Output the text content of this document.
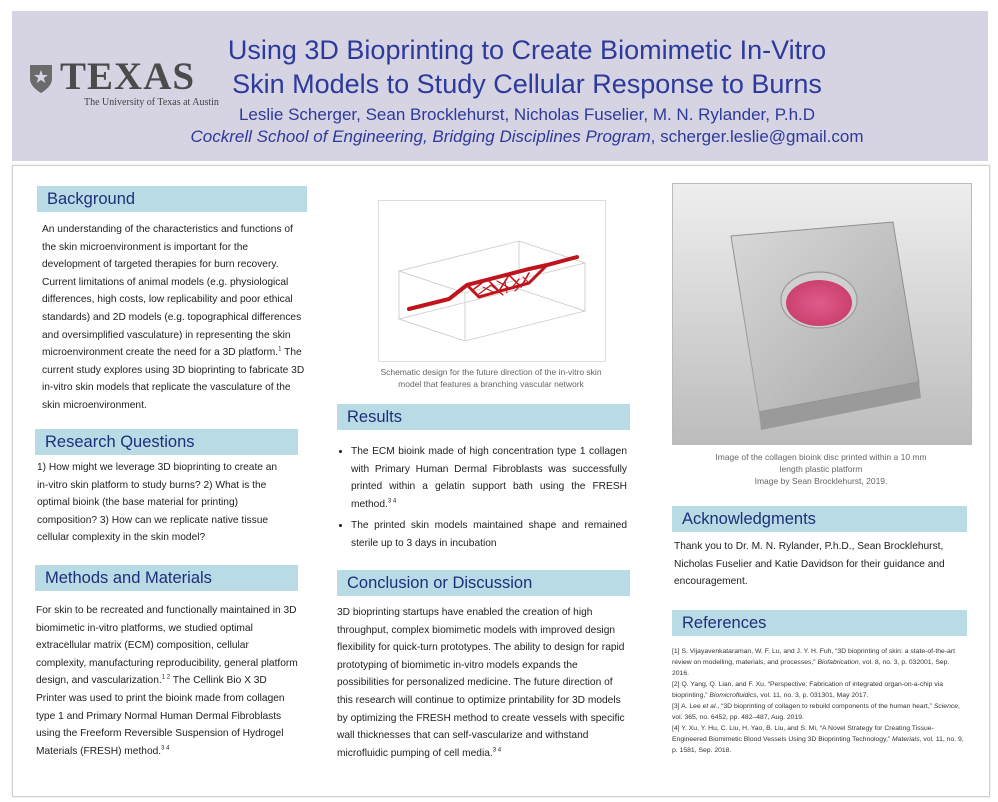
TEXAS
The University of Texas at Austin
Using 3D Bioprinting to Create Biomimetic In-Vitro
Skin Models to Study Cellular Response to Burns
Leslie Scherger, Sean Brocklehurst, Nicholas Fuselier, M. N. Rylander, P.h.D
Cockrell School of Engineering, Bridging Disciplines Program, scherger.leslie@gmail.com
Background
An understanding of the characteristics and functions of the skin microenvironment is important for the development of targeted therapies for burn recovery. Current limitations of animal models (e.g. physiological differences, high costs, low replicability and poor ethical standards) and 2D models (e.g. topographical differences and oversimplified vasculature) in representing the skin microenvironment create the need for a 3D platform.$^1$ The current study explores using 3D bioprinting to fabricate 3D in-vitro skin models that replicate the vasculature of the skin microenvironment.
Research Questions
1) How might we leverage 3D bioprinting to create an in-vitro skin platform to study burns? 2) What is the optimal bioink (the base material for printing) composition? 3) How can we replicate native tissue cellular complexity in the skin model?
Methods and Materials
For skin to be recreated and functionally maintained in 3D biomimetic in-vitro platforms, we studied optimal extracellular matrix (ECM) composition, cellular complexity, manufacturing reproducibility, general platform design, and vascularization.$^1$ $^2$ The Cellink Bio X 3D Printer was used to print the bioink made from collagen type 1 and Primary Normal Human Dermal Fibroblasts using the Freeform Reversible Suspension of Hydrogel Materials (FRESH) method.$^3$ $^4$
Schematic design for the future direction of the in-vitro skin model that features a branching vascular network
Results
• The ECM bioink made of high concentration type 1 collagen with Primary Human Dermal Fibroblasts was successfully printed within a gelatin support bath using the FRESH method.$^{3 4}$
• The printed skin models maintained shape and remained sterile up to 3 days in incubation
Conclusion or Discussion
3D bioprinting startups have enabled the creation of high throughput, complex biomimetic models with improved design flexibility for quick-turn prototypes. The ability to design for rapid prototyping of biomimetic in-vitro models expands the possibilities for personalized medicine. The future direction of this research will continue to optimize printability for 3D models by optimizing the FRESH method to create vessels with specific wall thicknesses that can self-vascularize and withstand microfluidic pumping of cell media.$^{3 4}$
Image of the collagen bioink disc printed within a 10 mm
length plastic platform
Image by Sean Brocklehurst, 2019.
Acknowledgments
Thank you to Dr. M. N. Rylander, P.h.D., Sean Brocklehurst, Nicholas Fuselier and Katie Davidson for their guidance and encouragement.
References
[1] S. Vijayavenkataraman, W. F. Lu, and J. Y. H. Fuh, “3D bioprinting of skin: a state-of-the-art review on modelling, materials, and processes,” Biofabrication, vol. 8, no. 3, p. 032001, Sep. 2016.
[2] Q. Yang, Q. Lian, and F. Xu, “Perspective: Fabrication of integrated organ-on-a-chip via bioprinting,” Biomicrofluidics, vol. 11, no. 3, p. 031301, May 2017.
[3] A. Lee et al., “3D bioprinting of collagen to rebuild components of the human heart,” Science, vol. 365, no. 6452, pp. 482–487, Aug. 2019.
[4] Y. Xu, Y. Hu, C. Liu, H. Yao, B. Liu, and S. Mi, “A Novel Strategy for Creating Tissue-Engineered Biomimetic Blood Vessels Using 3D Bioprinting Technology,” Materials, vol. 11, no. 9, p. 1581, Sep. 2018.
